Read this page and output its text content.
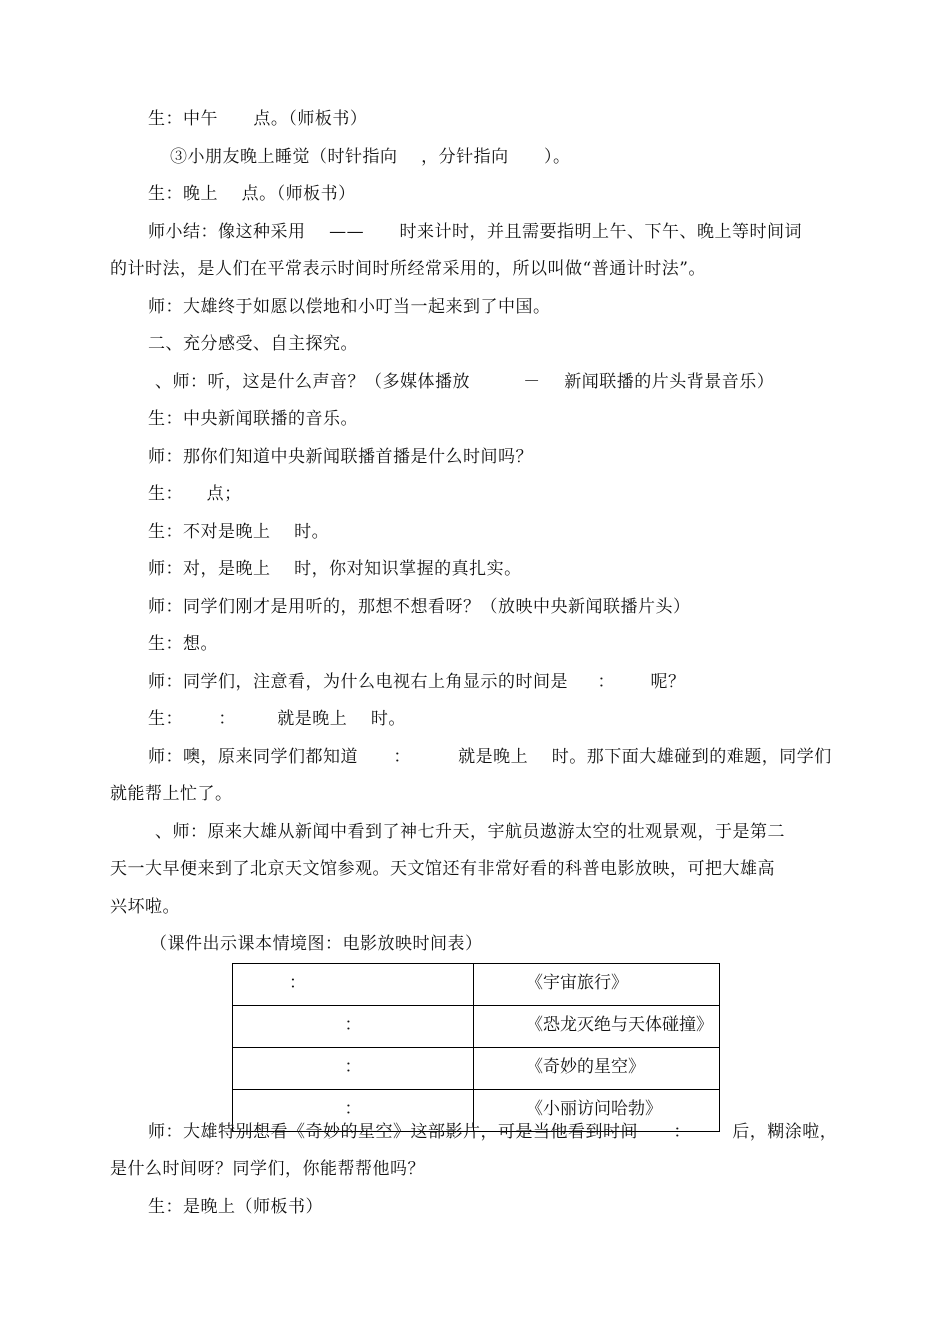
生：中午      点。（师板书）
③小朋友晚上睡觉（时针指向    ，分针指向      ）。
生：晚上    点。（师板书）
师小结：像这种采用    ——      时来计时，并且需要指明上午、下午、晚上等时间词
的计时法，是人们在平常表示时间时所经常采用的，所以叫做“普通计时法”。
师：大雄终于如愿以偿地和小叮当一起来到了中国。
二、充分感受、自主探究。
、师：听，这是什么声音？（多媒体播放         －    新闻联播的片头背景音乐）
生：中央新闻联播的音乐。
师：那你们知道中央新闻联播首播是什么时间吗？
生：    点；
生：不对是晚上    时。
师：对，是晚上    时，你对知识掌握的真扎实。
师：同学们刚才是用听的，那想不想看呀？（放映中央新闻联播片头）
生：想。
师：同学们，注意看，为什么电视右上角显示的时间是     ：      呢？
生：      ：       就是晚上    时。
师：噢，原来同学们都知道      ：        就是晚上    时。那下面大雄碰到的难题，同学们
就能帮上忙了。
、师：原来大雄从新闻中看到了神七升天，宇航员遨游太空的壮观景观，于是第二
天一大早便来到了北京天文馆参观。天文馆还有非常好看的科普电影放映，可把大雄高
兴坏啦。
（课件出示课本情境图：电影放映时间表）
：	《宇宙旅行》
：	《恐龙灭绝与天体碰撞》
：	《奇妙的星空》
：	《小丽访问哈勃》
师：大雄特别想看《奇妙的星空》这部影片，可是当他看到时间      ：       后，糊涂啦，
是什么时间呀？同学们，你能帮帮他吗？
生：是晚上（师板书）
